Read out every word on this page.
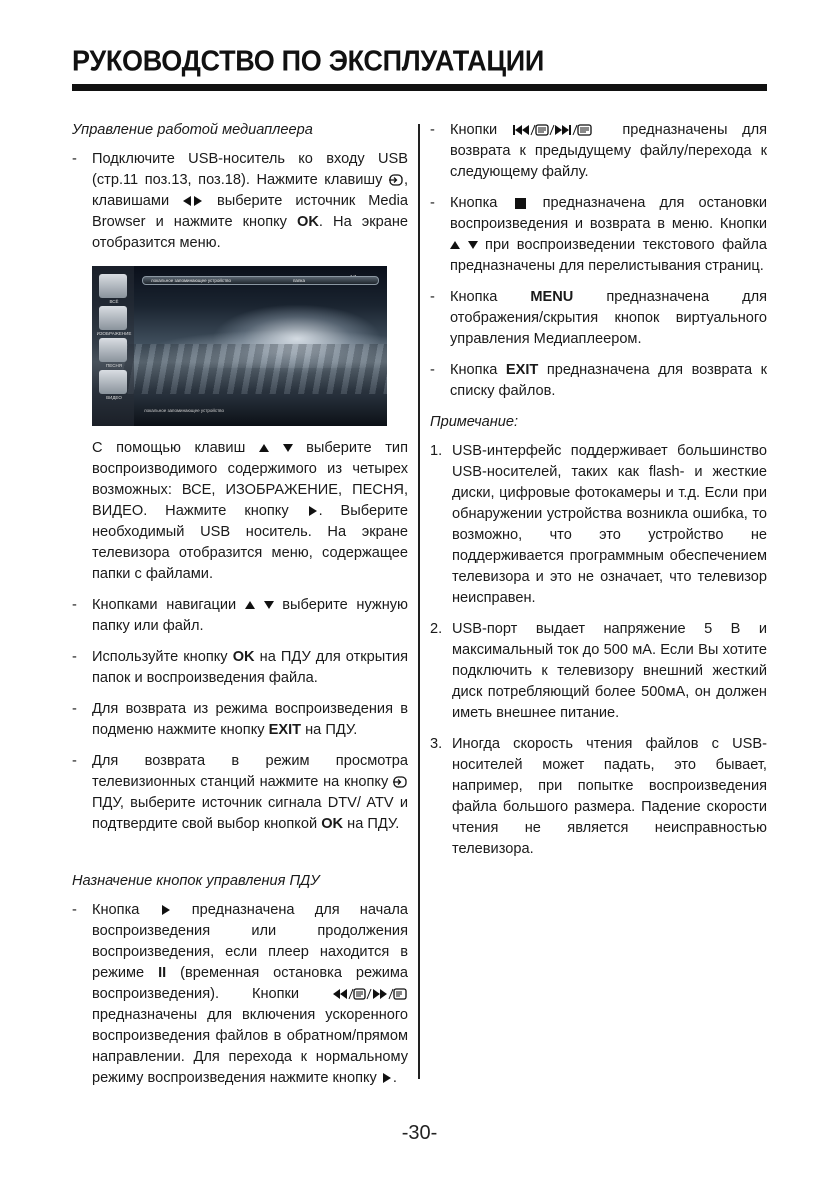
РУКОВОДСТВО ПО ЭКСПЛУАТАЦИИ
Управление работой медиаплеера
- Подключите USB-носитель ко входу USB (стр.11 поз.13, поз.18). Нажмите клавишу , клавишами  выберите источник Media Browser и нажмите кнопку OK. На экране отобразится меню.
ВСЁ
ИЗОБРАЖЕНИЕ
ПЕСНЯ
ВИДЕО
локальное запоминающее устройство	папка
локальное запоминающее устройство
С помощью клавиш   выберите тип воспроизводимого содержимого из четырех возможных: ВСЕ, ИЗОБРАЖЕНИЕ, ПЕСНЯ, ВИДЕО. Нажмите кнопку . Выберите необходимый USB носитель. На экране телевизора отобразится меню, содержащее папки с файлами.
- Кнопками навигации   выберите нужную папку или файл.
- Используйте кнопку OK на ПДУ для открытия папок и воспроизведения файла.
- Для возврата из режима воспроизведения в подменю нажмите кнопку EXIT на ПДУ.
- Для возврата в режим просмотра телевизионных станций нажмите на кнопку  ПДУ, выберите источник сигнала DTV/ ATV и подтвердите свой выбор кнопкой OK на ПДУ.
Назначение кнопок управления ПДУ
- Кнопка  предназначена для начала воспроизведения или продолжения воспроизведения, если плеер находится в режиме II (временная остановка режима воспроизведения). Кнопки  предназначены для включения ускоренного воспроизведения файлов в обратном/прямом направлении. Для перехода к нормальному режиму воспроизведения нажмите кнопку .
- Кнопки	предназначены для возврата к предыдущему файлу/перехода к следующему файлу.
- Кнопка  предназначена для остановки воспроизведения и возврата в меню. Кнопки   при воспроизведении текстового файла предназначены для перелистывания страниц.
- Кнопка MENU предназначена для отображения/скрытия кнопок виртуального управления Медиаплеером.
- Кнопка EXIT предназначена для возврата к списку файлов.
Примечание:
1. USB-интерфейс поддерживает большинство USB-носителей, таких как flash- и жесткие диски, цифровые фотокамеры и т.д. Если при обнаружении устройства возникла ошибка, то возможно, что это устройство не поддерживается программным обеспечением телевизора и это не означает, что телевизор неисправен.
2. USB-порт выдает напряжение 5 В и максимальный ток до 500 мА. Если Вы хотите подключить к телевизору внешний жесткий диск потребляющий более 500мА, он должен иметь внешнее питание.
3. Иногда скорость чтения файлов с USB-носителей может падать, это бывает, например, при попытке воспроизведения файла большого размера. Падение скорости чтения не является неисправностью телевизора.
-30-
